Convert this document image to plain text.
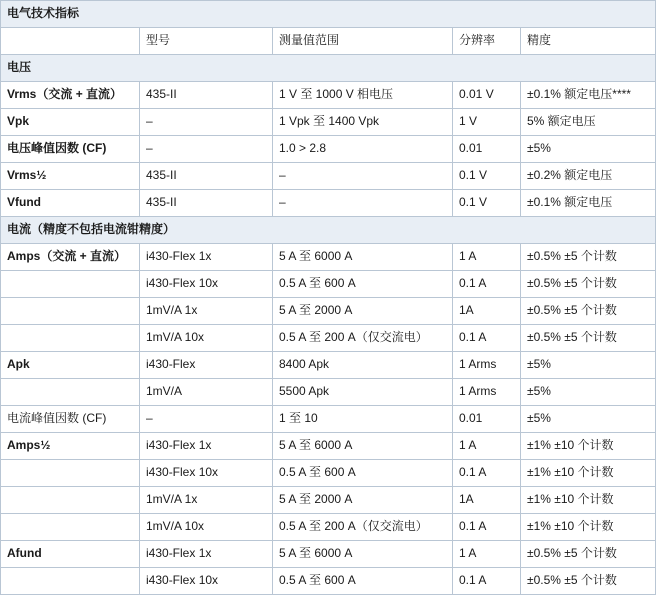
电气技术指标				
	型号	测量值范围	分辨率	精度
电压				
Vrms（交流 + 直流）	435-II	1 V 至 1000 V 相电压	0.01 V	±0.1% 额定电压****
Vpk	–	1 Vpk 至 1400 Vpk	1 V	5% 额定电压
电压峰值因数 (CF)	–	1.0 > 2.8	0.01	±5%
Vrms½	435-II	–	0.1 V	±0.2% 额定电压
Vfund	435-II	–	0.1 V	±0.1% 额定电压
电流（精度不包括电流钳精度）				
Amps（交流 + 直流）	i430-Flex 1x	5 A 至 6000 A	1 A	±0.5% ±5 个计数
	i430-Flex 10x	0.5 A 至 600 A	0.1 A	±0.5% ±5 个计数
	1mV/A 1x	5 A 至 2000 A	1A	±0.5% ±5 个计数
	1mV/A 10x	0.5 A 至 200 A（仅交流电）	0.1 A	±0.5% ±5 个计数
Apk	i430-Flex	8400 Apk	1 Arms	±5%
	1mV/A	5500 Apk	1 Arms	±5%
电流峰值因数 (CF)	–	1 至 10	0.01	±5%
Amps½	i430-Flex 1x	5 A 至 6000 A	1 A	±1% ±10 个计数
	i430-Flex 10x	0.5 A 至 600 A	0.1 A	±1% ±10 个计数
	1mV/A 1x	5 A 至 2000 A	1A	±1% ±10 个计数
	1mV/A 10x	0.5 A 至 200 A（仅交流电）	0.1 A	±1% ±10 个计数
Afund	i430-Flex 1x	5 A 至 6000 A	1 A	±0.5% ±5 个计数
	i430-Flex 10x	0.5 A 至 600 A	0.1 A	±0.5% ±5 个计数
